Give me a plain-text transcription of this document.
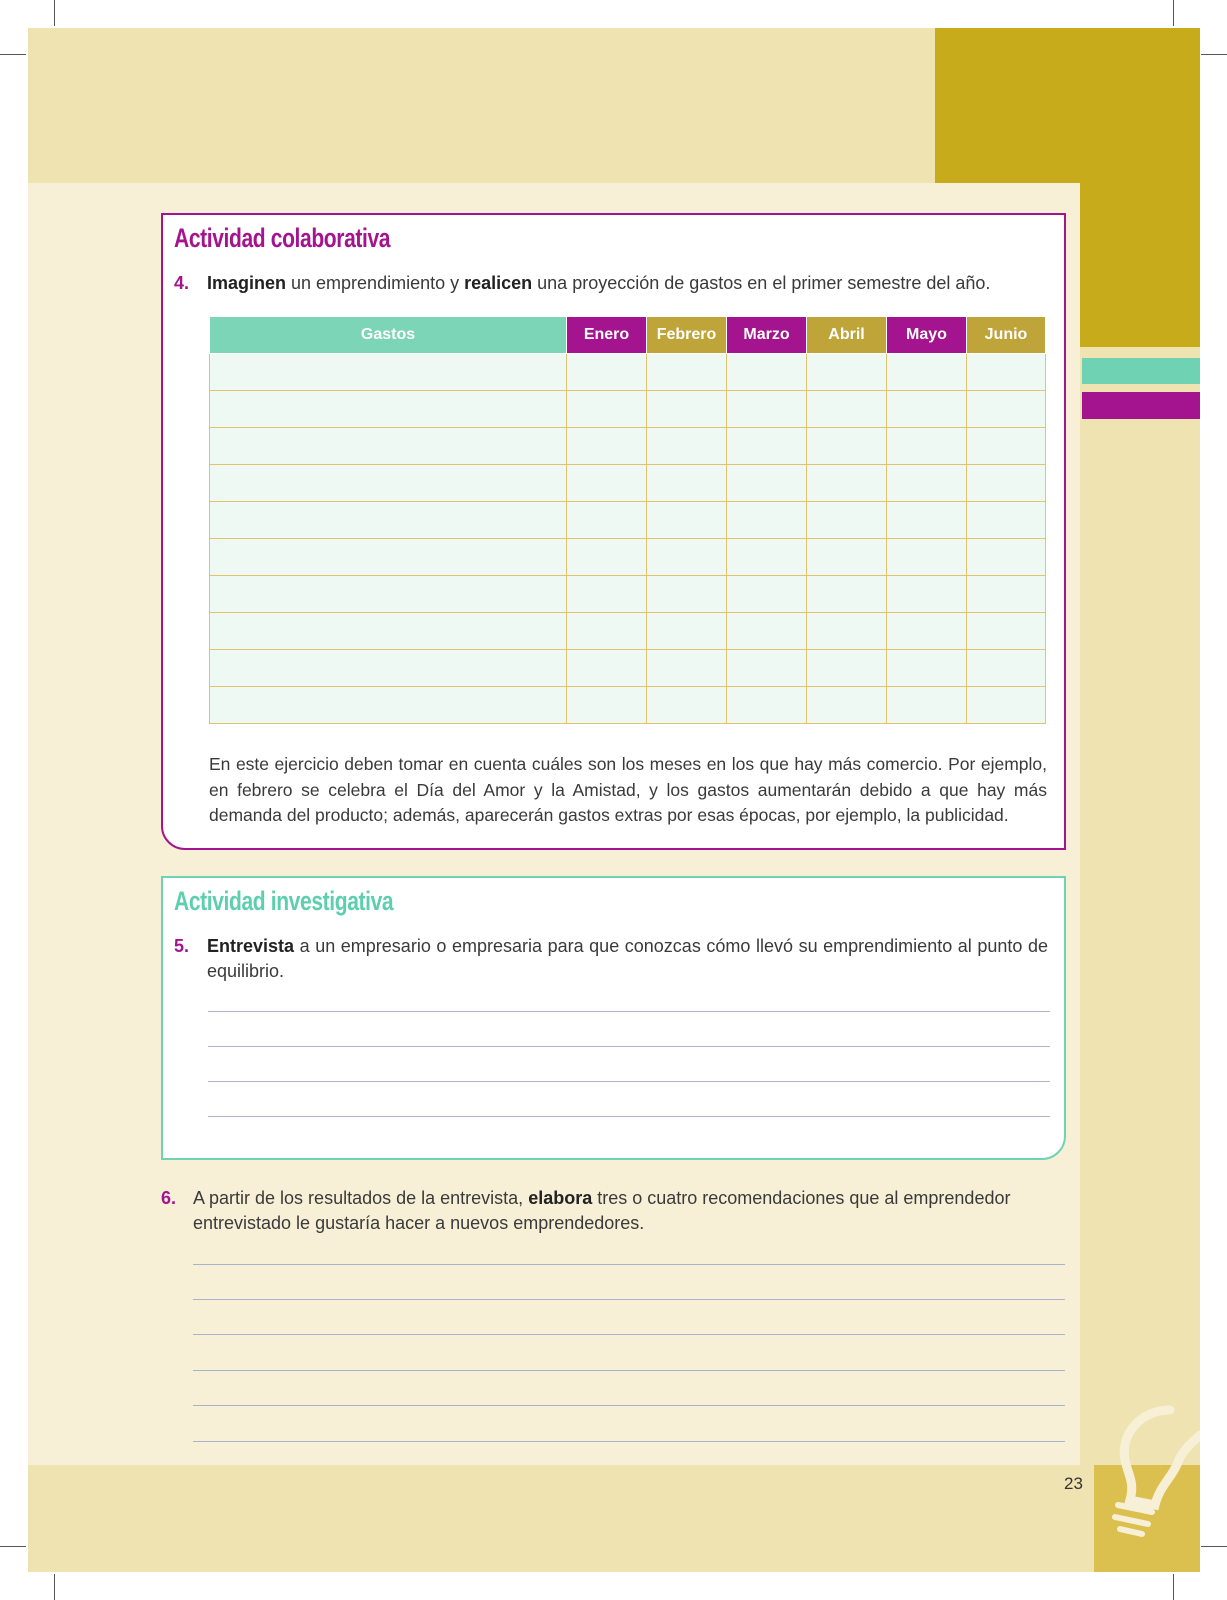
Actividad colaborativa
4. Imaginen un emprendimiento y realicen una proyección de gastos en el primer semestre del año.
Gastos	Enero	Febrero	Marzo	Abril	Mayo	Junio

En este ejercicio deben tomar en cuenta cuáles son los meses en los que hay más comercio. Por ejemplo, en febrero se celebra el Día del Amor y la Amistad, y los gastos aumentarán debido a que hay más demanda del producto; además, aparecerán gastos extras por esas épocas, por ejemplo, la publicidad.
Actividad investigativa
5. Entrevista a un empresario o empresaria para que conozcas cómo llevó su emprendimiento al punto de equilibrio.
6. A partir de los resultados de la entrevista, elabora tres o cuatro recomendaciones que al emprendedor entrevistado le gustaría hacer a nuevos emprendedores.
23
